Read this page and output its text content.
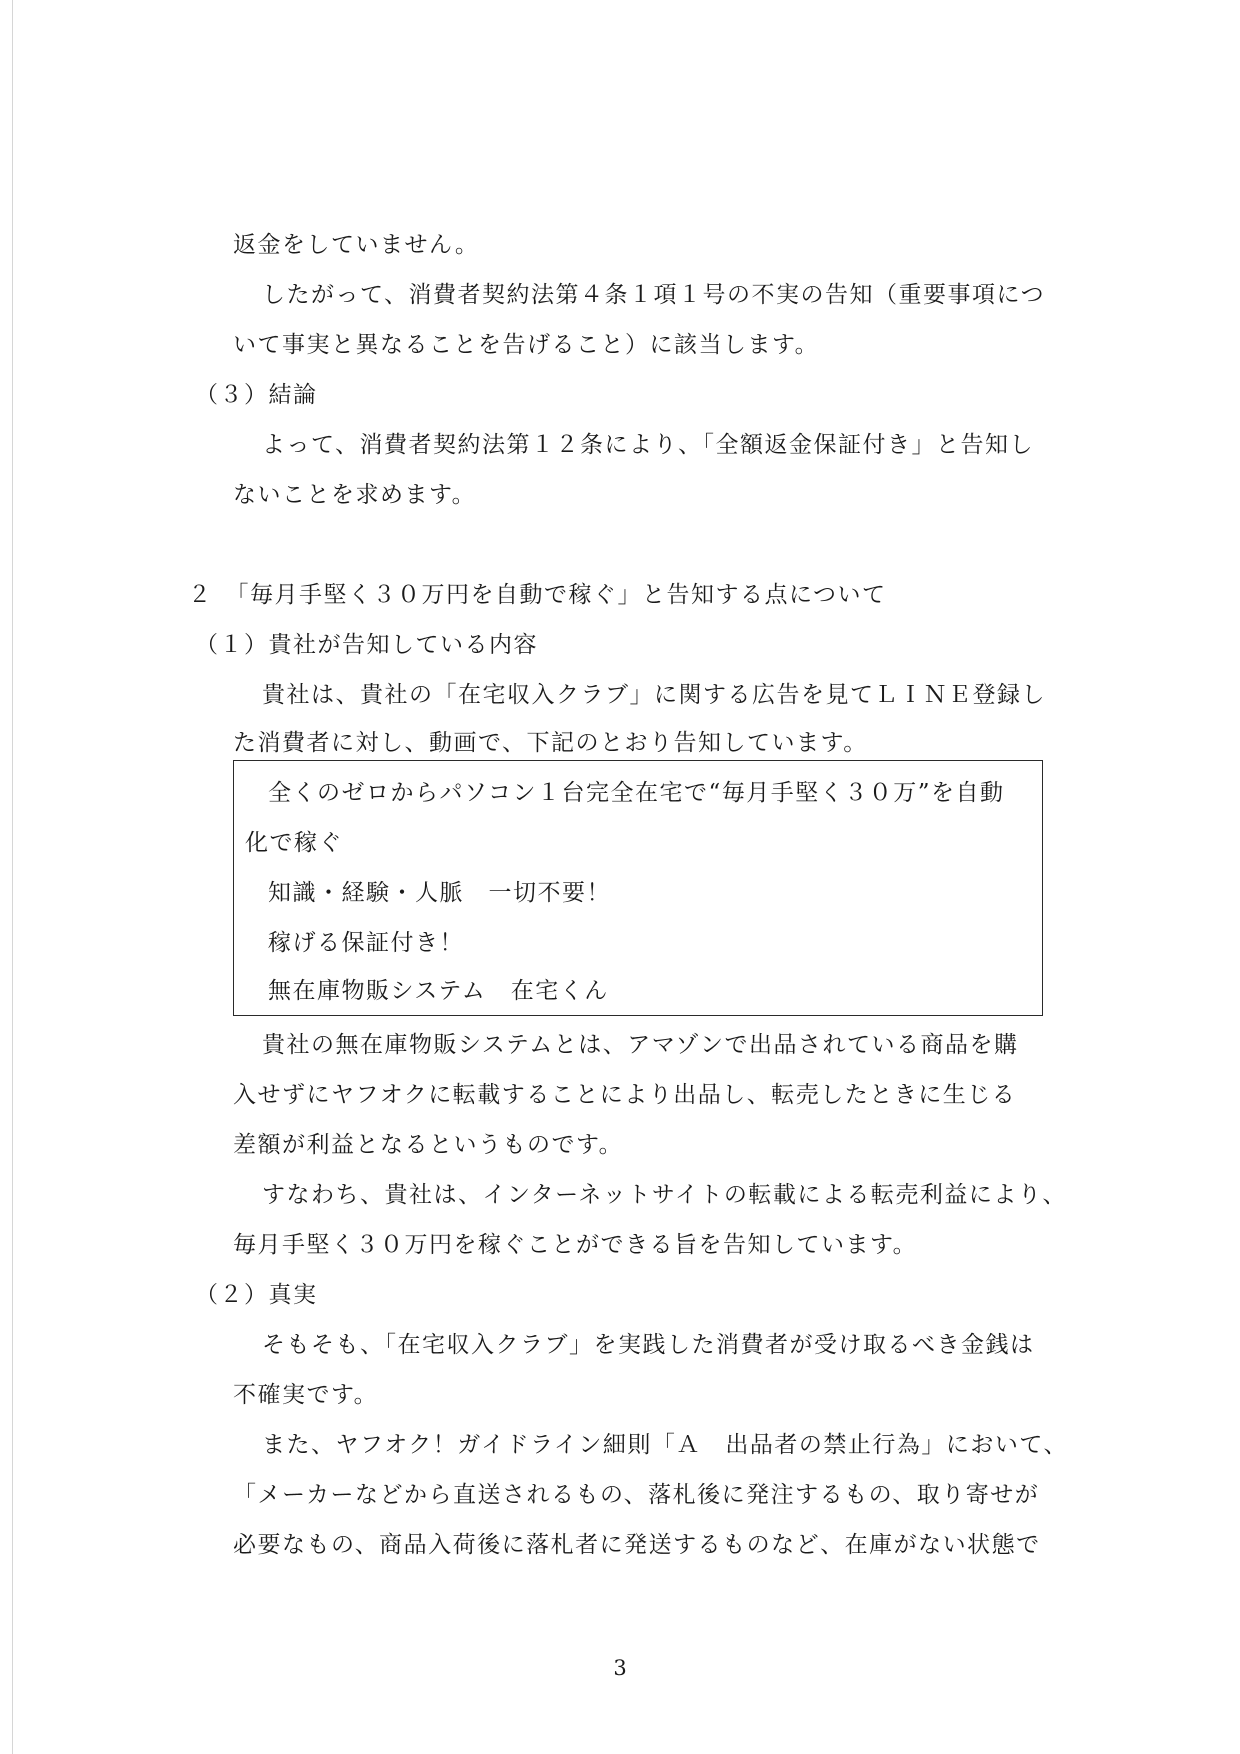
返金をしていません。
したがって、消費者契約法第４条１項１号の不実の告知（重要事項につ
いて事実と異なることを告げること）に該当します。
（３）結論
よって、消費者契約法第１２条により、「全額返金保証付き」と告知し
ないことを求めます。
２　「毎月手堅く３０万円を自動で稼ぐ」と告知する点について
（１）貴社が告知している内容
貴社は、貴社の「在宅収入クラブ」に関する広告を見てＬＩＮＥ登録し
た消費者に対し、動画で、下記のとおり告知しています。
全くのゼロからパソコン１台完全在宅で“毎月手堅く３０万”を自動
化で稼ぐ
知識・経験・人脈　一切不要！
稼げる保証付き！
無在庫物販システム　在宅くん
貴社の無在庫物販システムとは、アマゾンで出品されている商品を購
入せずにヤフオクに転載することにより出品し、転売したときに生じる
差額が利益となるというものです。
すなわち、貴社は、インターネットサイトの転載による転売利益により、
毎月手堅く３０万円を稼ぐことができる旨を告知しています。
（２）真実
そもそも、「在宅収入クラブ」を実践した消費者が受け取るべき金銭は
不確実です。
また、ヤフオク！ガイドライン細則「Ａ　出品者の禁止行為」において、
「メーカーなどから直送されるもの、落札後に発注するもの、取り寄せが
必要なもの、商品入荷後に落札者に発送するものなど、在庫がない状態で
3
